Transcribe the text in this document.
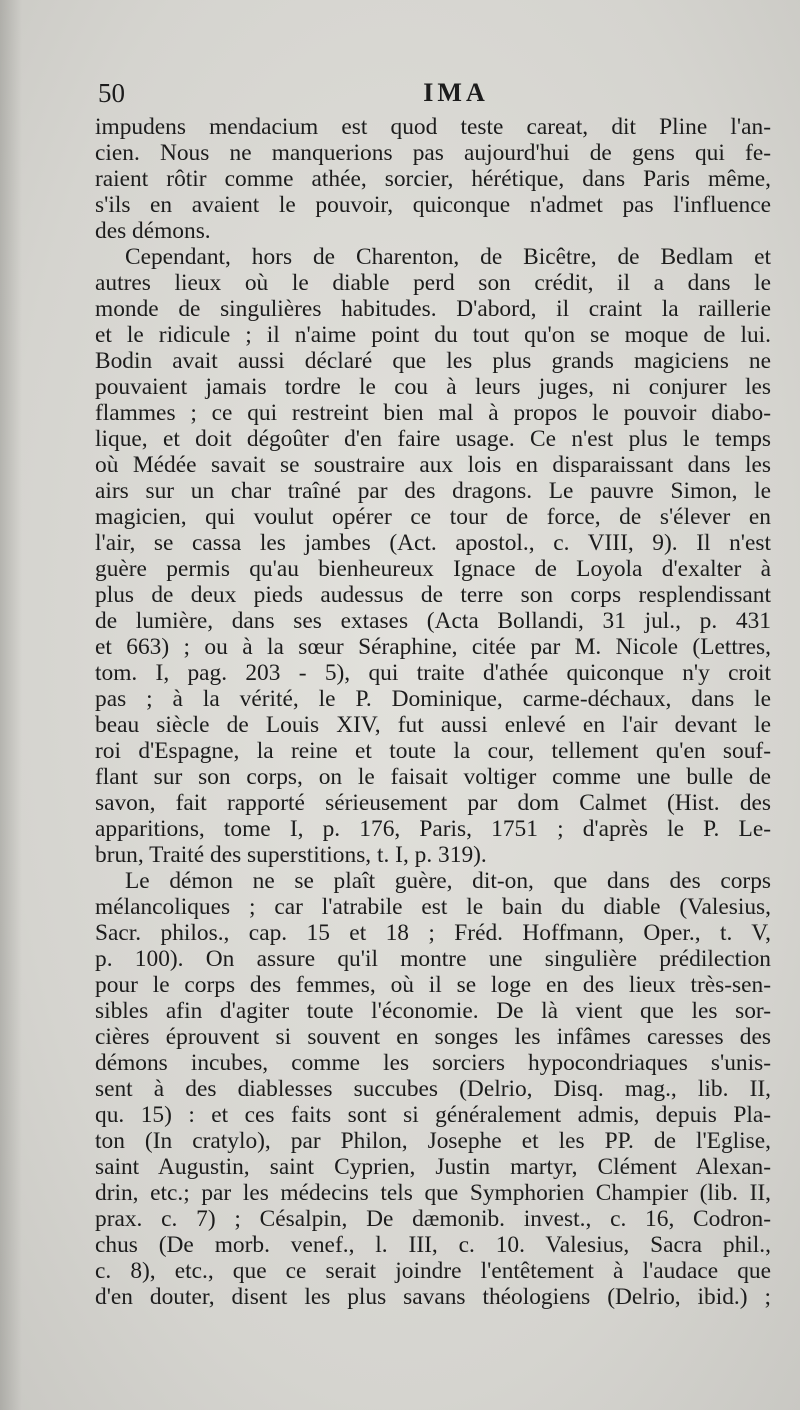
50	IMA
impudens mendacium est quod teste careat, dit Pline l'an-
cien. Nous ne manquerions pas aujourd'hui de gens qui fe-
raient rôtir comme athée, sorcier, hérétique, dans Paris même,
s'ils en avaient le pouvoir, quiconque n'admet pas l'influence
des démons.
Cependant, hors de Charenton, de Bicêtre, de Bedlam et
autres lieux où le diable perd son crédit, il a dans le
monde de singulières habitudes. D'abord, il craint la raillerie
et le ridicule ; il n'aime point du tout qu'on se moque de lui.
Bodin avait aussi déclaré que les plus grands magiciens ne
pouvaient jamais tordre le cou à leurs juges, ni conjurer les
flammes ; ce qui restreint bien mal à propos le pouvoir diabo-
lique, et doit dégoûter d'en faire usage. Ce n'est plus le temps
où Médée savait se soustraire aux lois en disparaissant dans les
airs sur un char traîné par des dragons. Le pauvre Simon, le
magicien, qui voulut opérer ce tour de force, de s'élever en
l'air, se cassa les jambes (Act. apostol., c. VIII, 9). Il n'est
guère permis qu'au bienheureux Ignace de Loyola d'exalter à
plus de deux pieds audessus de terre son corps resplendissant
de lumière, dans ses extases (Acta Bollandi, 31 jul., p. 431
et 663) ; ou à la sœur Séraphine, citée par M. Nicole (Lettres,
tom. I, pag. 203 - 5), qui traite d'athée quiconque n'y croit
pas ; à la vérité, le P. Dominique, carme-déchaux, dans le
beau siècle de Louis XIV, fut aussi enlevé en l'air devant le
roi d'Espagne, la reine et toute la cour, tellement qu'en souf-
flant sur son corps, on le faisait voltiger comme une bulle de
savon, fait rapporté sérieusement par dom Calmet (Hist. des
apparitions, tome I, p. 176, Paris, 1751 ; d'après le P. Le-
brun, Traité des superstitions, t. I, p. 319).
Le démon ne se plaît guère, dit-on, que dans des corps
mélancoliques ; car l'atrabile est le bain du diable (Valesius,
Sacr. philos., cap. 15 et 18 ; Fréd. Hoffmann, Oper., t. V,
p. 100). On assure qu'il montre une singulière prédilection
pour le corps des femmes, où il se loge en des lieux très-sen-
sibles afin d'agiter toute l'économie. De là vient que les sor-
cières éprouvent si souvent en songes les infâmes caresses des
démons incubes, comme les sorciers hypocondriaques s'unis-
sent à des diablesses succubes (Delrio, Disq. mag., lib. II,
qu. 15) : et ces faits sont si généralement admis, depuis Pla-
ton (In cratylo), par Philon, Josephe et les PP. de l'Eglise,
saint Augustin, saint Cyprien, Justin martyr, Clément Alexan-
drin, etc.; par les médecins tels que Symphorien Champier (lib. II,
prax. c. 7) ; Césalpin, De dæmonib. invest., c. 16, Codron-
chus (De morb. venef., l. III, c. 10. Valesius, Sacra phil.,
c. 8), etc., que ce serait joindre l'entêtement à l'audace que
d'en douter, disent les plus savans théologiens (Delrio, ibid.) ;
